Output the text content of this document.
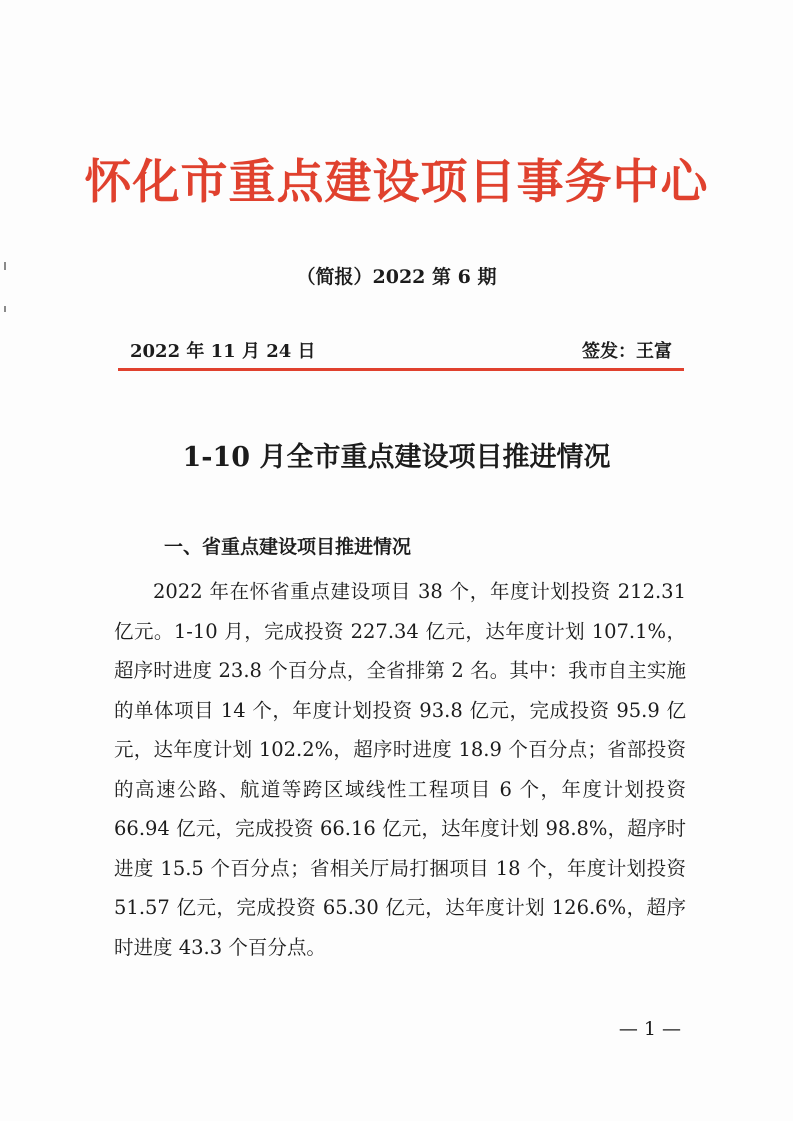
怀化市重点建设项目事务中心
（简报）2022 第 6 期
2022 年 11 月 24 日	签发：王富
1-10 月全市重点建设项目推进情况
一、省重点建设项目推进情况

2022 年在怀省重点建设项目 38 个，年度计划投资 212.31 亿元。1-10 月，完成投资 227.34 亿元，达年度计划 107.1%，超序时进度 23.8 个百分点，全省排第 2 名。其中：我市自主实施的单体项目 14 个，年度计划投资 93.8 亿元，完成投资 95.9 亿元，达年度计划 102.2%，超序时进度 18.9 个百分点；省部投资的高速公路、航道等跨区域线性工程项目 6 个，年度计划投资 66.94 亿元，完成投资 66.16 亿元，达年度计划 98.8%，超序时进度 15.5 个百分点；省相关厅局打捆项目 18 个，年度计划投资 51.57 亿元，完成投资 65.30 亿元，达年度计划 126.6%，超序时进度 43.3 个百分点。

— 1 —
